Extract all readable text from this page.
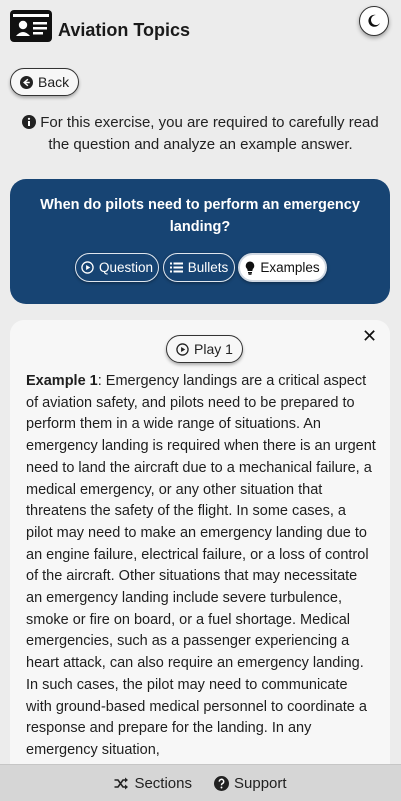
Aviation Topics
Back
For this exercise, you are required to carefully read the question and analyze an example answer.
When do pilots need to perform an emergency landing?
Question	Bullets Examples
✕
Play 1
Example 1: Emergency landings are a critical aspect of aviation safety, and pilots need to be prepared to perform them in a wide range of situations. An emergency landing is required when there is an urgent need to land the aircraft due to a mechanical failure, a medical emergency, or any other situation that threatens the safety of the flight. In some cases, a pilot may need to make an emergency landing due to an engine failure, electrical failure, or a loss of control of the aircraft. Other situations that may necessitate an emergency landing include severe turbulence, smoke or fire on board, or a fuel shortage. Medical emergencies, such as a passenger experiencing a heart attack, can also require an emergency landing. In such cases, the pilot may need to communicate with ground-based medical personnel to coordinate a response and prepare for the landing. In any emergency situation,
Sections	Support
